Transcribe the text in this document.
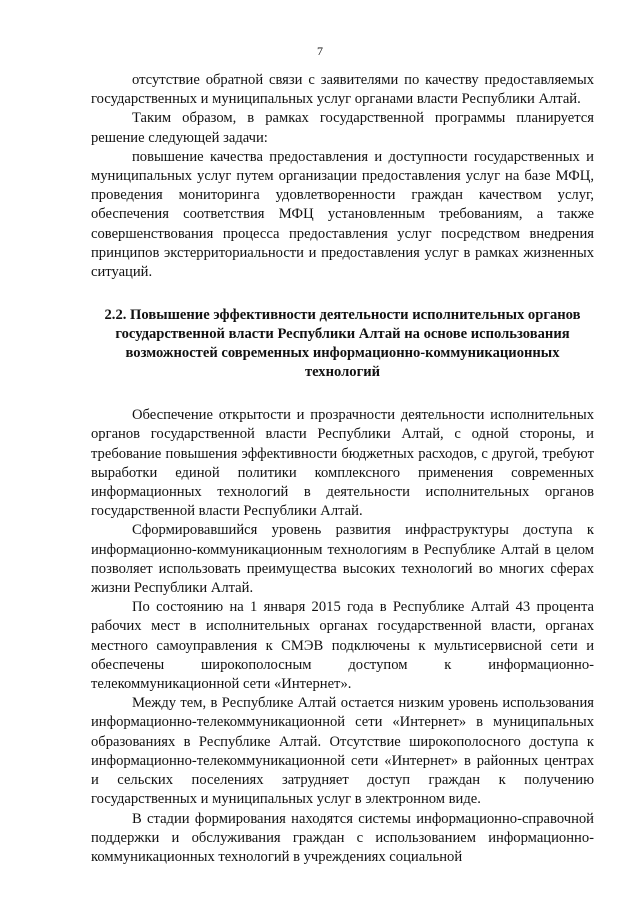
7

отсутствие обратной связи с заявителями по качеству предоставляемых государственных и муниципальных услуг органами власти Республики Алтай.

Таким образом, в рамках государственной программы планируется решение следующей задачи:

повышение качества предоставления и доступности государственных и муниципальных услуг путем организации предоставления услуг на базе МФЦ, проведения мониторинга удовлетворенности граждан качеством услуг, обеспечения соответствия МФЦ установленным требованиям, а также совершенствования процесса предоставления услуг посредством внедрения принципов экстерриториальности и предоставления услуг в рамках жизненных ситуаций.

2.2. Повышение эффективности деятельности исполнительных органов государственной власти Республики Алтай на основе использования возможностей современных информационно-коммуникационных технологий

Обеспечение открытости и прозрачности деятельности исполнительных органов государственной власти Республики Алтай, с одной стороны, и требование повышения эффективности бюджетных расходов, с другой, требуют выработки единой политики комплексного применения современных информационных технологий в деятельности исполнительных органов государственной власти Республики Алтай.

Сформировавшийся уровень развития инфраструктуры доступа к информационно-коммуникационным технологиям в Республике Алтай в целом позволяет использовать преимущества высоких технологий во многих сферах жизни Республики Алтай.

По состоянию на 1 января 2015 года в Республике Алтай 43 процента рабочих мест в исполнительных органах государственной власти, органах местного самоуправления к СМЭВ подключены к мультисервисной сети и обеспечены широкополосным доступом к информационно-телекоммуникационной сети «Интернет».

Между тем, в Республике Алтай остается низким уровень использования информационно-телекоммуникационной сети «Интернет» в муниципальных образованиях в Республике Алтай. Отсутствие широкополосного доступа к информационно-телекоммуникационной сети «Интернет» в районных центрах и сельских поселениях затрудняет доступ граждан к получению государственных и муниципальных услуг в электронном виде.

В стадии формирования находятся системы информационно-справочной поддержки и обслуживания граждан с использованием информационно-коммуникационных технологий в учреждениях социальной
